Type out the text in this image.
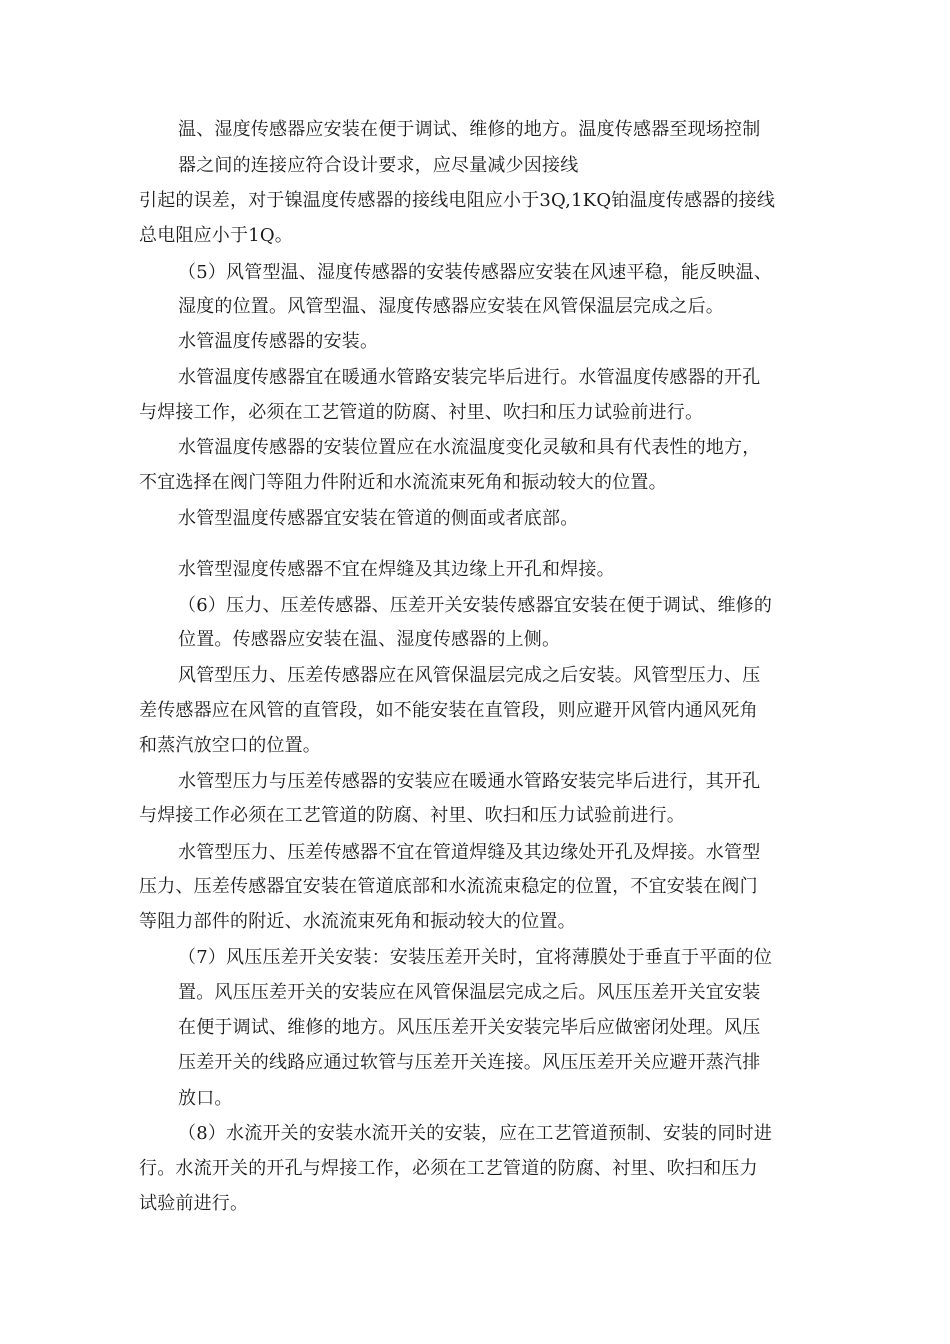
温、湿度传感器应安装在便于调试、维修的地方。温度传感器至现场控制
器之间的连接应符合设计要求，应尽量减少因接线
引起的误差，对于镍温度传感器的接线电阻应小于3Q,1KQ铂温度传感器的接线
总电阻应小于1Q。
（5）风管型温、湿度传感器的安装传感器应安装在风速平稳，能反映温、
湿度的位置。风管型温、湿度传感器应安装在风管保温层完成之后。
水管温度传感器的安装。
水管温度传感器宜在暖通水管路安装完毕后进行。水管温度传感器的开孔
与焊接工作，必须在工艺管道的防腐、衬里、吹扫和压力试验前进行。
水管温度传感器的安装位置应在水流温度变化灵敏和具有代表性的地方，
不宜选择在阀门等阻力件附近和水流流束死角和振动较大的位置。
水管型温度传感器宜安装在管道的侧面或者底部。
水管型湿度传感器不宜在焊缝及其边缘上开孔和焊接。
（6）压力、压差传感器、压差开关安装传感器宜安装在便于调试、维修的
位置。传感器应安装在温、湿度传感器的上侧。
风管型压力、压差传感器应在风管保温层完成之后安装。风管型压力、压
差传感器应在风管的直管段，如不能安装在直管段，则应避开风管内通风死角
和蒸汽放空口的位置。
水管型压力与压差传感器的安装应在暖通水管路安装完毕后进行，其开孔
与焊接工作必须在工艺管道的防腐、衬里、吹扫和压力试验前进行。
水管型压力、压差传感器不宜在管道焊缝及其边缘处开孔及焊接。水管型
压力、压差传感器宜安装在管道底部和水流流束稳定的位置，不宜安装在阀门
等阻力部件的附近、水流流束死角和振动较大的位置。
（7）风压压差开关安装：安装压差开关时，宜将薄膜处于垂直于平面的位
置。风压压差开关的安装应在风管保温层完成之后。风压压差开关宜安装
在便于调试、维修的地方。风压压差开关安装完毕后应做密闭处理。风压
压差开关的线路应通过软管与压差开关连接。风压压差开关应避开蒸汽排
放口。
（8）水流开关的安装水流开关的安装，应在工艺管道预制、安装的同时进
行。水流开关的开孔与焊接工作，必须在工艺管道的防腐、衬里、吹扫和压力
试验前进行。
